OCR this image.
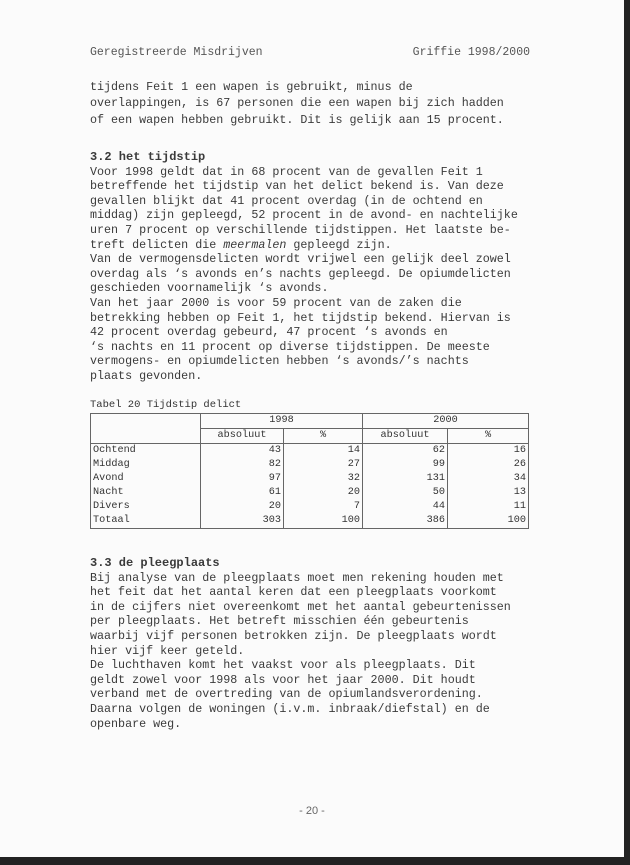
Geregistreerde Misdrijven	Griffie 1998/2000
tijdens Feit 1 een wapen is gebruikt, minus de
overlappingen, is 67 personen die een wapen bij zich hadden
of een wapen hebben gebruikt. Dit is gelijk aan 15 procent.
3.2 het tijdstip
Voor 1998 geldt dat in 68 procent van de gevallen Feit 1
betreffende het tijdstip van het delict bekend is. Van deze
gevallen blijkt dat 41 procent overdag (in de ochtend en
middag) zijn gepleegd, 52 procent in de avond- en nachtelijke
uren 7 procent op verschillende tijdstippen. Het laatste be-
treft delicten die meermalen gepleegd zijn.
Van de vermogensdelicten wordt vrijwel een gelijk deel zowel
overdag als ‘s avonds en’s nachts gepleegd. De opiumdelicten
geschieden voornamelijk ‘s avonds.
Van het jaar 2000 is voor 59 procent van de zaken die
betrekking hebben op Feit 1, het tijdstip bekend. Hiervan is
42 procent overdag gebeurd, 47 procent ‘s avonds en
‘s nachts en 11 procent op diverse tijdstippen. De meeste
vermogens- en opiumdelicten hebben ‘s avonds/’s nachts
plaats gevonden.
Tabel 20 Tijdstip delict
	1998		2000	
	absoluut	%	absoluut	%
Ochtend	43	14	62	16
Middag	82	27	99	26
Avond	97	32	131	34
Nacht	61	20	50	13
Divers	20	7	44	11
Totaal	303	100	386	100
3.3 de pleegplaats
Bij analyse van de pleegplaats moet men rekening houden met
het feit dat het aantal keren dat een pleegplaats voorkomt
in de cijfers niet overeenkomt met het aantal gebeurtenissen
per pleegplaats. Het betreft misschien één gebeurtenis
waarbij vijf personen betrokken zijn. De pleegplaats wordt
hier vijf keer geteld.
De luchthaven komt het vaakst voor als pleegplaats. Dit
geldt zowel voor 1998 als voor het jaar 2000. Dit houdt
verband met de overtreding van de opiumlandsverordening.
Daarna volgen de woningen (i.v.m. inbraak/diefstal) en de
openbare weg.
- 20 -
